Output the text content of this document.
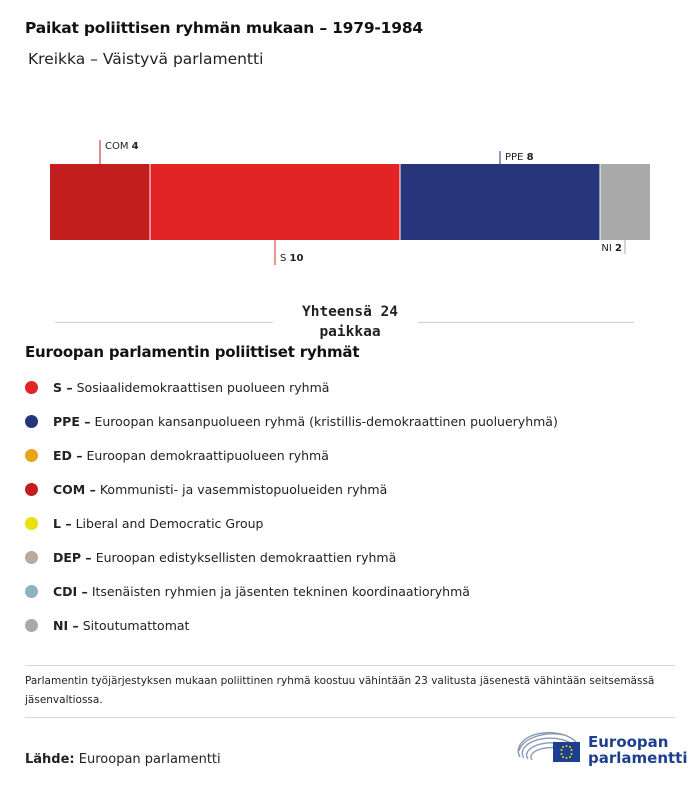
Paikat poliittisen ryhmän mukaan – 1979-1984
Kreikka – Väistyvä parlamentti
COM 4
S 10
PPE 8
NI 2
Yhteensä 24
paikkaa
Euroopan parlamentin poliittiset ryhmät
S – Sosiaalidemokraattisen puolueen ryhmä
PPE – Euroopan kansanpuolueen ryhmä (kristillis-demokraattinen puolueryhmä)
ED – Euroopan demokraattipuolueen ryhmä
COM – Kommunisti- ja vasemmistopuolueiden ryhmä
L – Liberal and Democratic Group
DEP – Euroopan edistyksellisten demokraattien ryhmä
CDI – Itsenäisten ryhmien ja jäsenten tekninen koordinaatioryhmä
NI – Sitoutumattomat
Parlamentin työjärjestyksen mukaan poliittinen ryhmä koostuu vähintään 23 valitusta jäsenestä vähintään seitsemässä jäsenvaltiossa.
Lähde: Euroopan parlamentti
Euroopan
parlamentti
